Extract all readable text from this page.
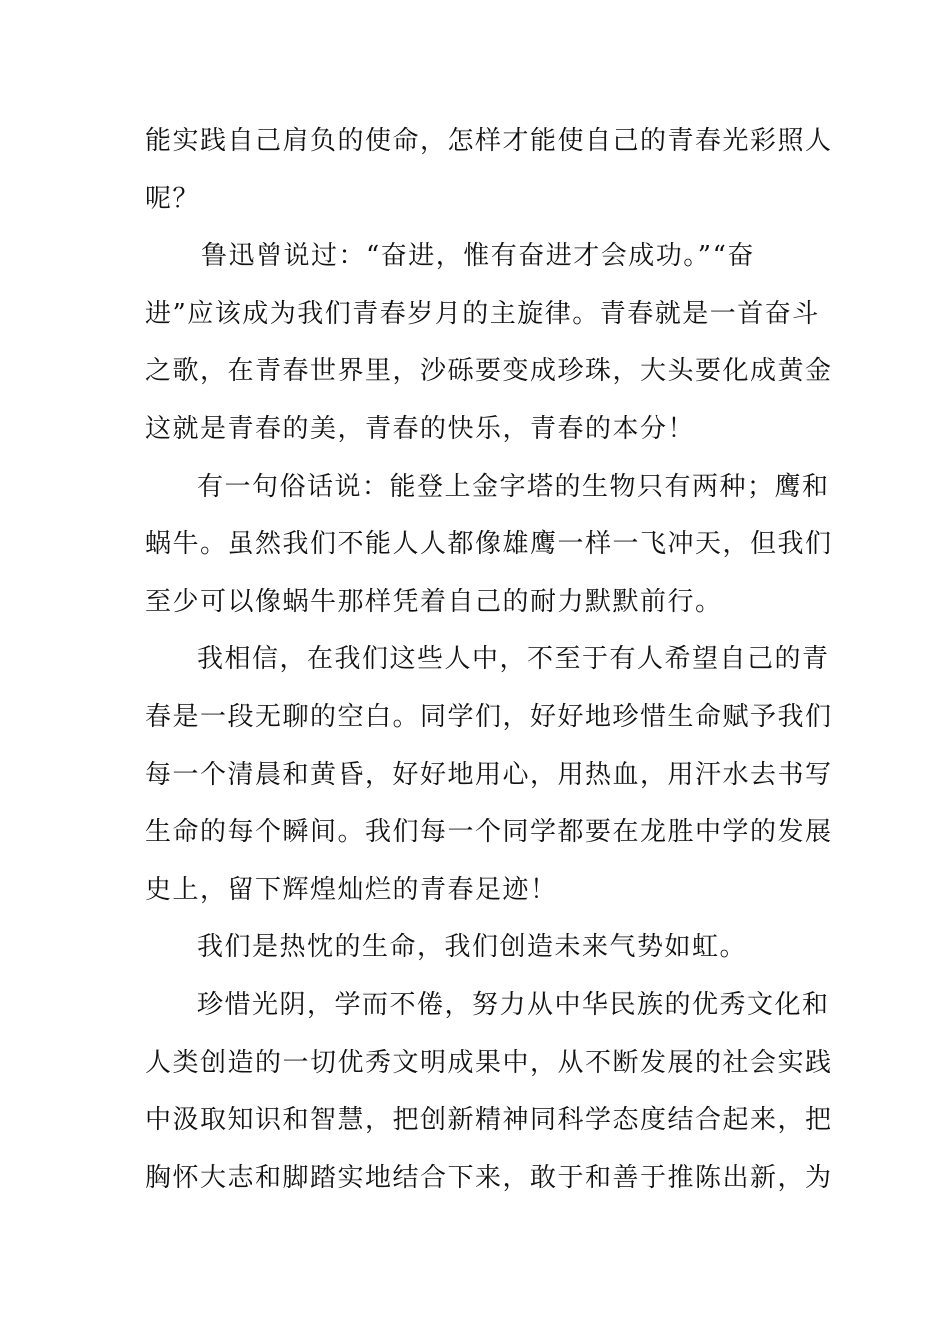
能实践自己肩负的使命，怎样才能使自己的青春光彩照人
呢？
鲁迅曾说过：“奋进，惟有奋进才会成功。”“奋
进”应该成为我们青春岁月的主旋律。青春就是一首奋斗
之歌，在青春世界里，沙砾要变成珍珠，大头要化成黄金
这就是青春的美，青春的快乐，青春的本分！
有一句俗话说：能登上金字塔的生物只有两种；鹰和
蜗牛。虽然我们不能人人都像雄鹰一样一飞冲天，但我们
至少可以像蜗牛那样凭着自己的耐力默默前行。
我相信，在我们这些人中，不至于有人希望自己的青
春是一段无聊的空白。同学们，好好地珍惜生命赋予我们
每一个清晨和黄昏，好好地用心，用热血，用汗水去书写
生命的每个瞬间。我们每一个同学都要在龙胜中学的发展
史上，留下辉煌灿烂的青春足迹！
我们是热忱的生命，我们创造未来气势如虹。
珍惜光阴，学而不倦，努力从中华民族的优秀文化和
人类创造的一切优秀文明成果中，从不断发展的社会实践
中汲取知识和智慧，把创新精神同科学态度结合起来，把
胸怀大志和脚踏实地结合下来，敢于和善于推陈出新，为
